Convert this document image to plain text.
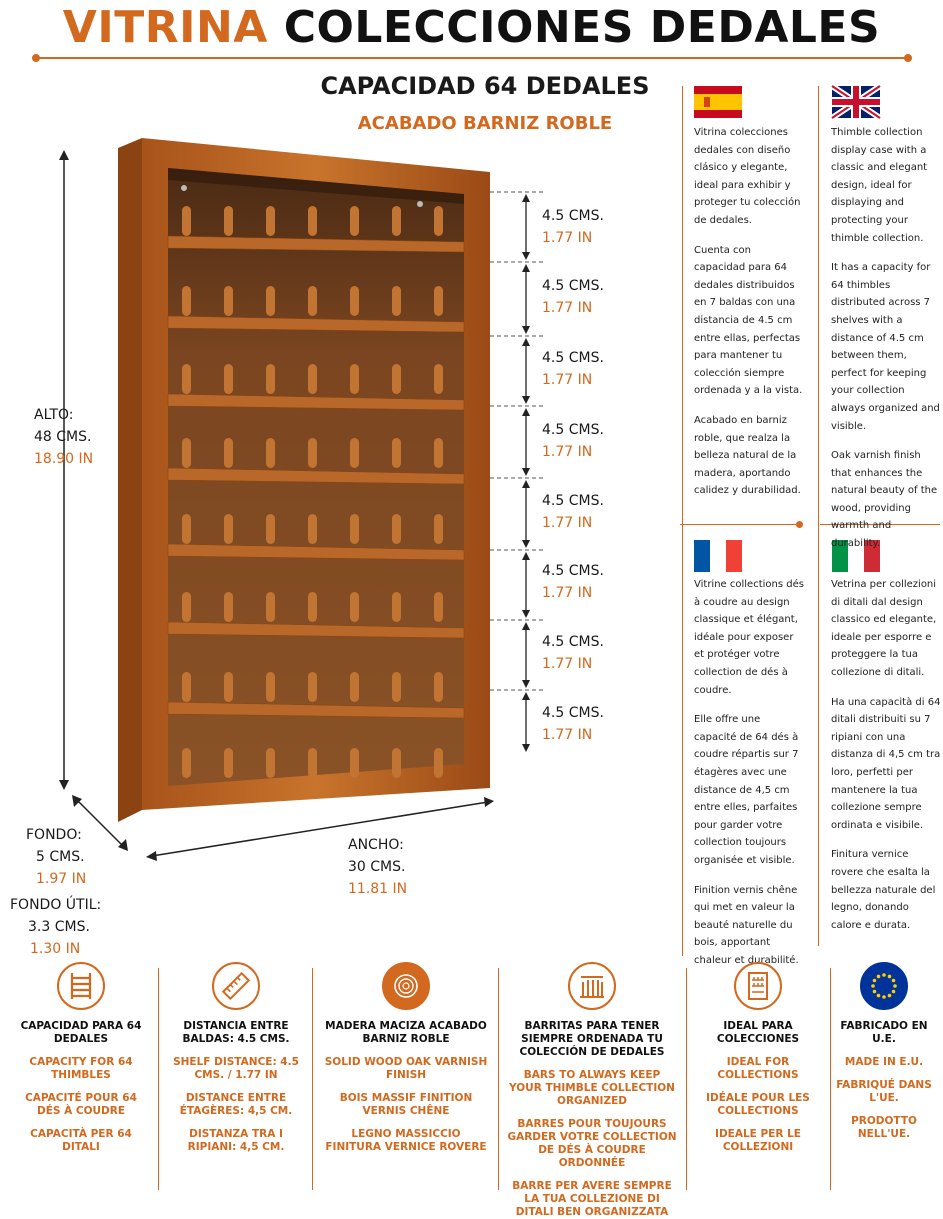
VITRINA COLECCIONES DEDALES
CAPACIDAD 64 DEDALES
ACABADO BARNIZ ROBLE
4.5 CMS.
1.77 IN
4.5 CMS.
1.77 IN
4.5 CMS.
1.77 IN
4.5 CMS.
1.77 IN
4.5 CMS.
1.77 IN
4.5 CMS.
1.77 IN
4.5 CMS.
1.77 IN
4.5 CMS.
1.77 IN
ALTO:
48 CMS.
18.90 IN
FONDO:
5 CMS.
1.97 IN
FONDO ÚTIL:
3.3 CMS.
1.30 IN
ANCHO:
30 CMS.
11.81 IN

Vitrina colecciones dedales con diseño clásico y elegante, ideal para exhibir y proteger tu colección de dedales.

Cuenta con capacidad para 64 dedales distribuidos en 7 baldas con una distancia de 4.5 cm entre ellas, perfectas para mantener tu colección siempre ordenada y a la vista.

Acabado en barniz roble, que realza la belleza natural de la madera, aportando calidez y durabilidad.

Thimble collection display case with a classic and elegant design, ideal for displaying and protecting your thimble collection.

It has a capacity for 64 thimbles distributed across 7 shelves with a distance of 4.5 cm between them, perfect for keeping your collection always organized and visible.

Oak varnish finish that enhances the natural beauty of the wood, providing warmth and durability.

Vitrine collections dés à coudre au design classique et élégant, idéale pour exposer et protéger votre collection de dés à coudre.

Elle offre une capacité de 64 dés à coudre répartis sur 7 étagères avec une distance de 4,5 cm entre elles, parfaites pour garder votre collection toujours organisée et visible.

Finition vernis chêne qui met en valeur la beauté naturelle du bois, apportant chaleur et durabilité.

Vetrina per collezioni di ditali dal design classico ed elegante, ideale per esporre e proteggere la tua collezione di ditali.

Ha una capacità di 64 ditali distribuiti su 7 ripiani con una distanza di 4,5 cm tra loro, perfetti per mantenere la tua collezione sempre ordinata e visibile.

Finitura vernice rovere che esalta la bellezza naturale del legno, donando calore e durata.

CAPACIDAD PARA 64 DEDALES
CAPACITY FOR 64 THIMBLES
CAPACITÉ POUR 64 DÉS À COUDRE
CAPACITÀ PER 64 DITALI
DISTANCIA ENTRE BALDAS: 4.5 CMS.
SHELF DISTANCE: 4.5 CMS. / 1.77 IN
DISTANCE ENTRE ÉTAGÈRES: 4,5 CM.
DISTANZA TRA I RIPIANI: 4,5 CM.
MADERA MACIZA ACABADO BARNIZ ROBLE
SOLID WOOD OAK VARNISH FINISH
BOIS MASSIF FINITION VERNIS CHÊNE
LEGNO MASSICCIO FINITURA VERNICE ROVERE
BARRITAS PARA TENER SIEMPRE ORDENADA TU COLECCIÓN DE DEDALES
BARS TO ALWAYS KEEP YOUR THIMBLE COLLECTION ORGANIZED
BARRES POUR TOUJOURS GARDER VOTRE COLLECTION DE DÉS À COUDRE ORDONNÉE
BARRE PER AVERE SEMPRE LA TUA COLLEZIONE DI DITALI BEN ORGANIZZATA
IDEAL PARA COLECCIONES
IDEAL FOR COLLECTIONS
IDÉALE POUR LES COLLECTIONS
IDEALE PER LE COLLEZIONI
FABRICADO EN U.E.
MADE IN E.U.
FABRIQUÉ DANS L'UE.
PRODOTTO NELL'UE.
